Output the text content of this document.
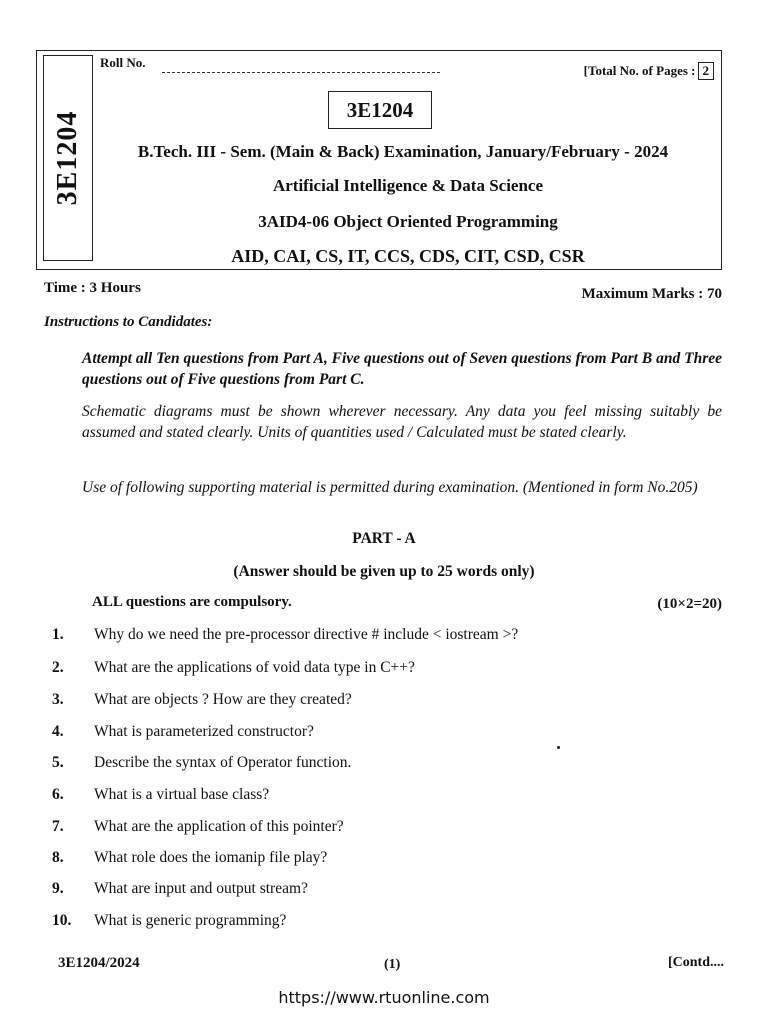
3E1204
Roll No.
[Total No. of Pages : 2
3E1204
B.Tech. III - Sem. (Main & Back) Examination, January/February - 2024
Artificial Intelligence & Data Science
3AID4-06 Object Oriented Programming
AID, CAI, CS, IT, CCS, CDS, CIT, CSD, CSR
Time : 3 Hours	Maximum Marks : 70
Instructions to Candidates:
Attempt all Ten questions from Part A, Five questions out of Seven questions from Part B and Three questions out of Five questions from Part C.
Schematic diagrams must be shown wherever necessary. Any data you feel missing suitably be assumed and stated clearly. Units of quantities used / Calculated must be stated clearly.
Use of following supporting material is permitted during examination. (Mentioned in form No.205)
PART - A
(Answer should be given up to 25 words only)
ALL questions are compulsory.	(10×2=20)
1.	Why do we need the pre-processor directive # include < iostream >?
2.	What are the applications of void data type in C++?
3.	What are objects ? How are they created?
4.	What is parameterized constructor?
5.	Describe the syntax of Operator function.
6.	What is a virtual base class?
7.	What are the application of this pointer?
8.	What role does the iomanip file play?
9.	What are input and output stream?
10.	What is generic programming?
3E1204/2024	(1)	[Contd....
https://www.rtuonline.com
